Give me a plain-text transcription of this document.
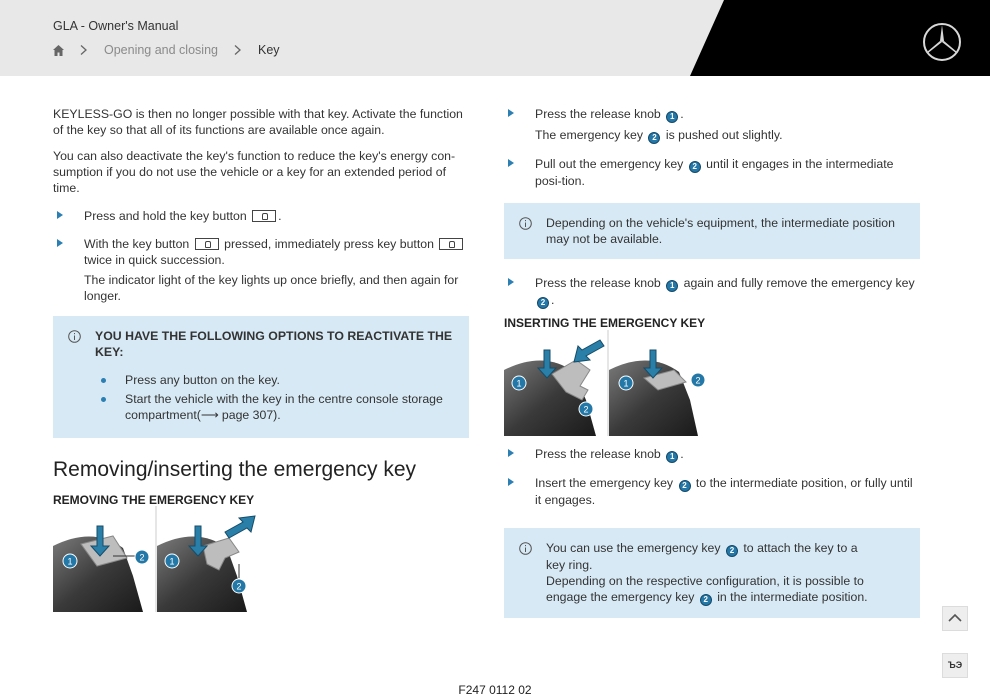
GLA - Owner's Manual
Opening and closing	Key

KEYLESS-GO is then no longer possible with that key. Activate the function of the key so that all of its functions are available once again.

You can also deactivate the key's function to reduce the key's energy con-sumption if you do not use the vehicle or a key for an extended period of time.

Press and hold the key button	.
With the key button	pressed, immediately press key button  twice in quick succession.
The indicator light of the key lights up once briefly, and then again for longer.
YOU HAVE THE FOLLOWING OPTIONS TO REACTIVATE THE KEY:
Press any button on the key.
Start the vehicle with the key in the centre console storage compartment(⟶ page 307).
Removing/inserting the emergency key
REMOVING THE EMERGENCY KEY
1	2	1
2
Press the release knob 1 .
The emergency key 2 is pushed out slightly.
Pull out the emergency key 2 until it engages in the intermediate posi-tion.
Depending on the vehicle's equipment, the intermediate position may not be available.
Press the release knob 1 again and fully remove the emergency key 2 .
INSERTING THE EMERGENCY KEY
1
2
1	2
Press the release knob 1 .
Insert the emergency key 2 to the intermediate position, or fully until it engages.
You can use the emergency key 2 to attach the key to a key ring.
Depending on the respective configuration, it is possible to engage the emergency key 2 in the intermediate position.
ЪЭ
F247 0112 02
